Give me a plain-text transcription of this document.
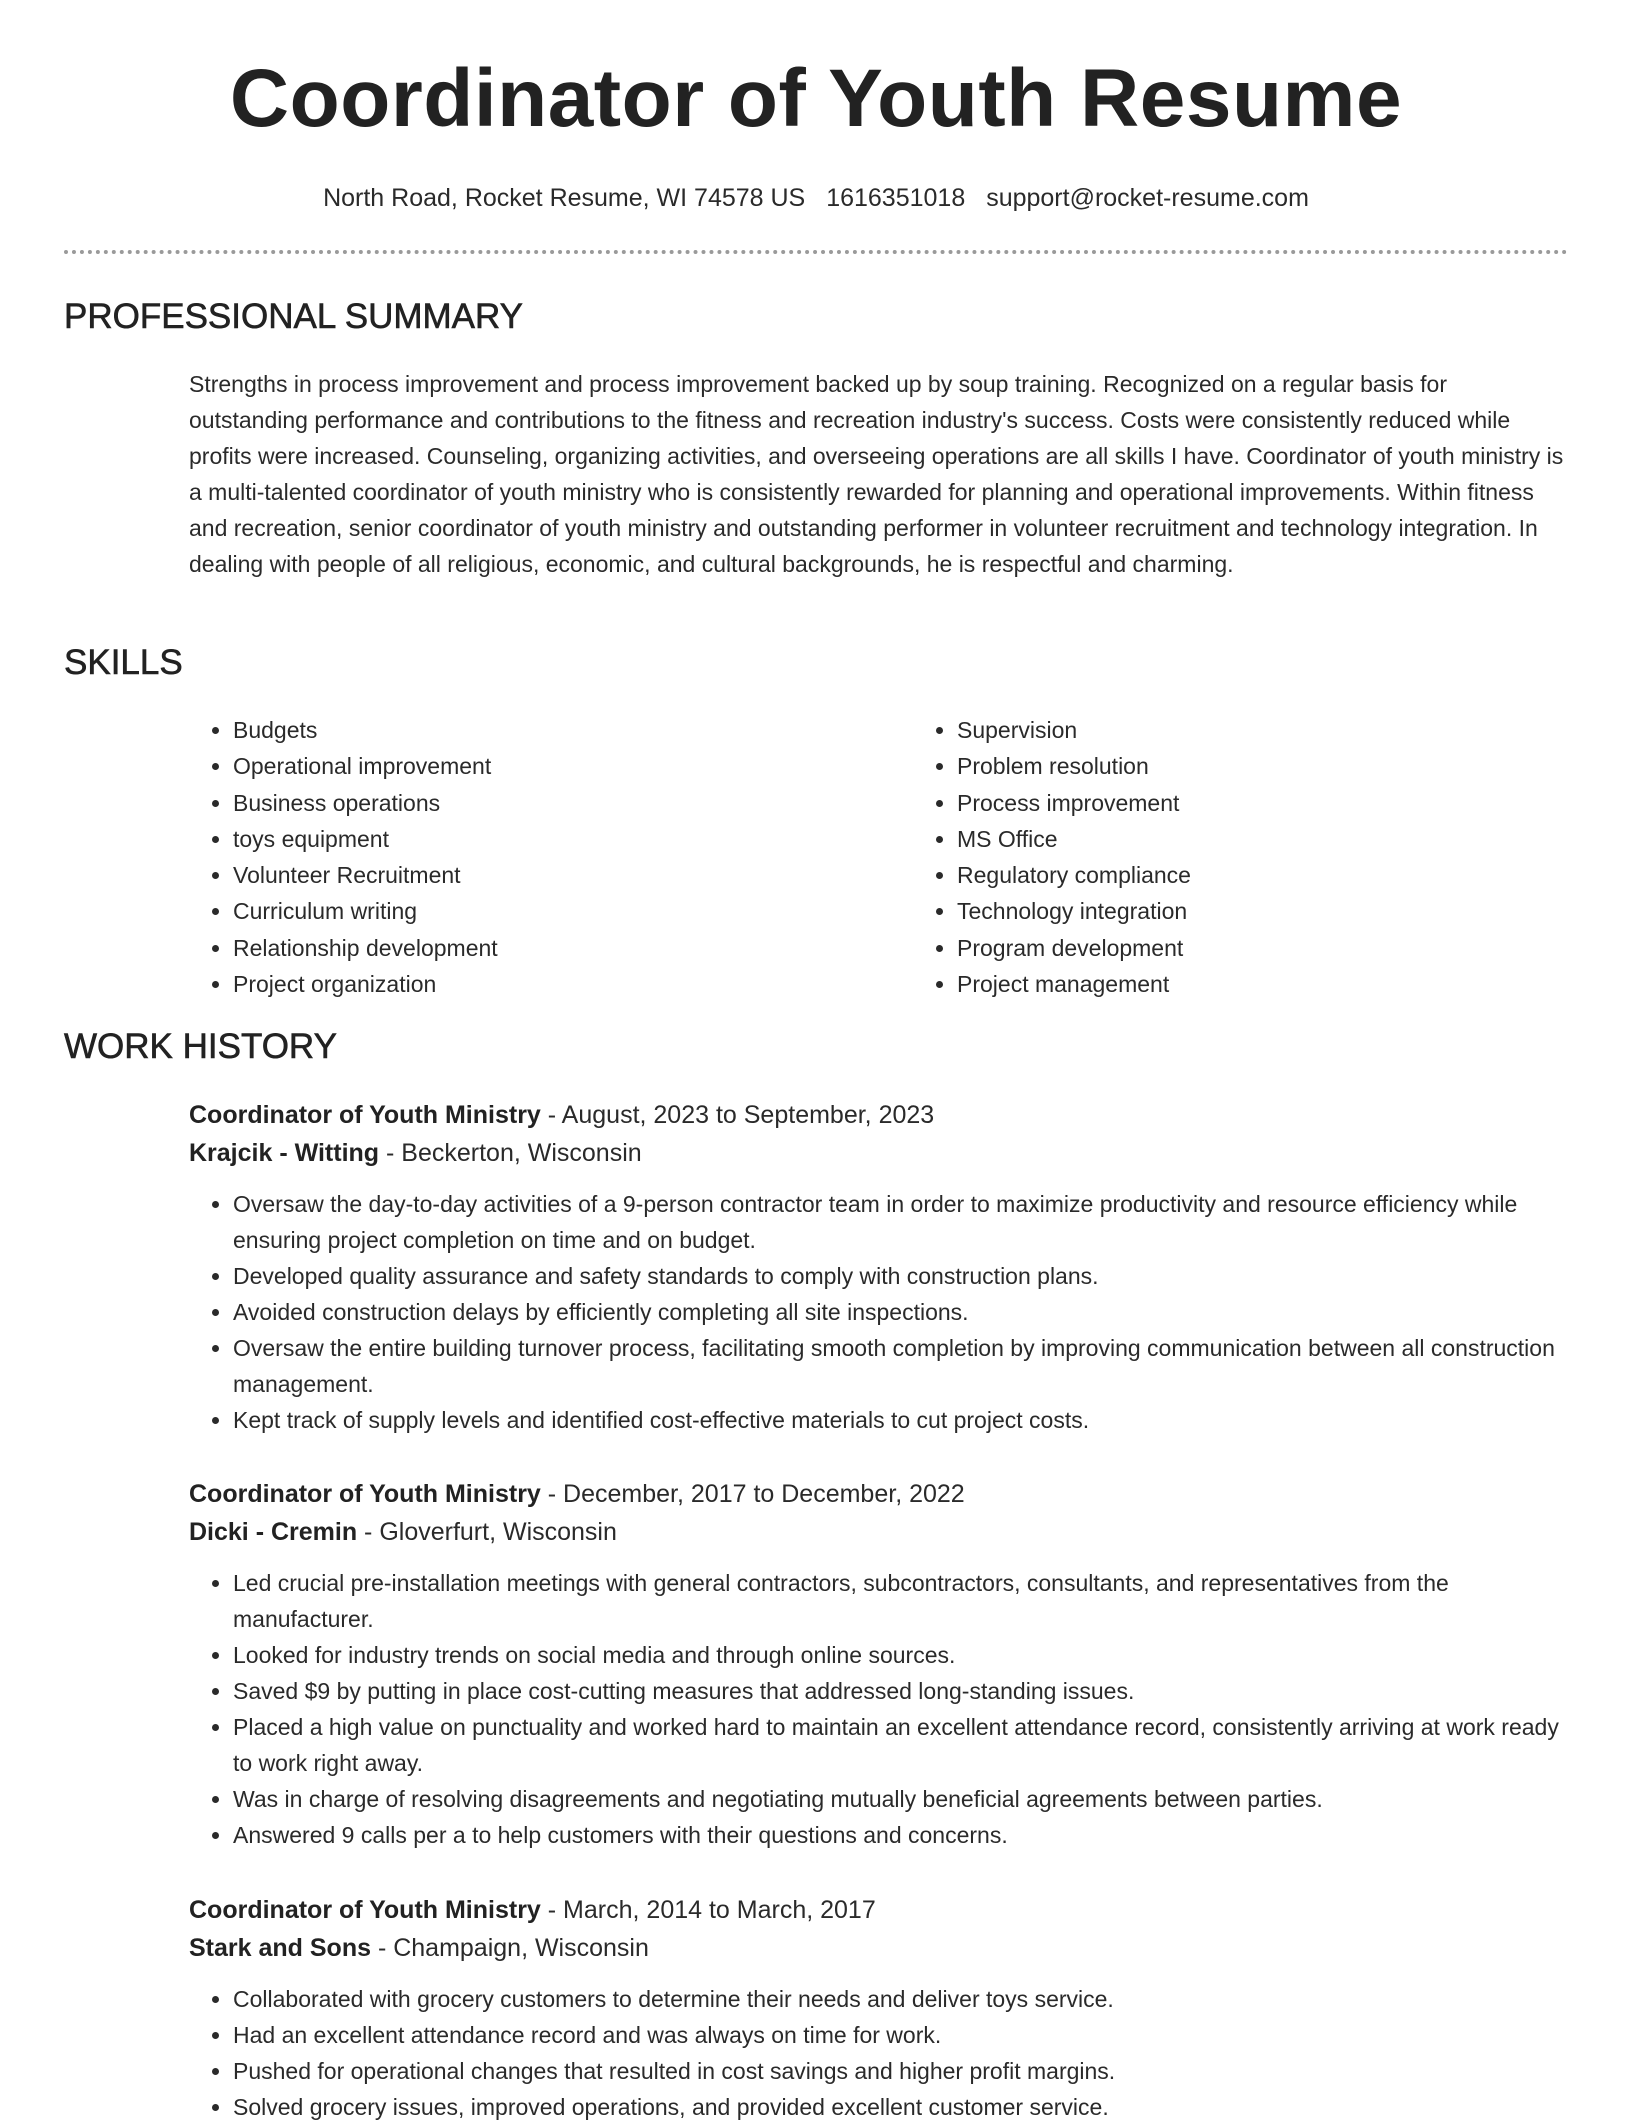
Coordinator of Youth Resume
North Road, Rocket Resume, WI 74578 US 1616351018 support@rocket-resume.com
PROFESSIONAL SUMMARY

Strengths in process improvement and process improvement backed up by soup training. Recognized on a regular basis for outstanding performance and contributions to the fitness and recreation industry's success. Costs were consistently reduced while profits were increased. Counseling, organizing activities, and overseeing operations are all skills I have. Coordinator of youth ministry is a multi-talented coordinator of youth ministry who is consistently rewarded for planning and operational improvements. Within fitness and recreation, senior coordinator of youth ministry and outstanding performer in volunteer recruitment and technology integration. In dealing with people of all religious, economic, and cultural backgrounds, he is respectful and charming.

SKILLS
• Budgets
• Operational improvement
• Business operations
• toys equipment
• Volunteer Recruitment
• Curriculum writing
• Relationship development
• Project organization
• Supervision
• Problem resolution
• Process improvement
• MS Office
• Regulatory compliance
• Technology integration
• Program development
• Project management
WORK HISTORY
Coordinator of Youth Ministry - August, 2023 to September, 2023
Krajcik - Witting - Beckerton, Wisconsin
• Oversaw the day-to-day activities of a 9-person contractor team in order to maximize productivity and resource efficiency while ensuring project completion on time and on budget.
• Developed quality assurance and safety standards to comply with construction plans.
• Avoided construction delays by efficiently completing all site inspections.
• Oversaw the entire building turnover process, facilitating smooth completion by improving communication between all construction management.
• Kept track of supply levels and identified cost-effective materials to cut project costs.
Coordinator of Youth Ministry - December, 2017 to December, 2022
Dicki - Cremin - Gloverfurt, Wisconsin
• Led crucial pre-installation meetings with general contractors, subcontractors, consultants, and representatives from the manufacturer.
• Looked for industry trends on social media and through online sources.
• Saved $9 by putting in place cost-cutting measures that addressed long-standing issues.
• Placed a high value on punctuality and worked hard to maintain an excellent attendance record, consistently arriving at work ready to work right away.
• Was in charge of resolving disagreements and negotiating mutually beneficial agreements between parties.
• Answered 9 calls per a to help customers with their questions and concerns.
Coordinator of Youth Ministry - March, 2014 to March, 2017
Stark and Sons - Champaign, Wisconsin
• Collaborated with grocery customers to determine their needs and deliver toys service.
• Had an excellent attendance record and was always on time for work.
• Pushed for operational changes that resulted in cost savings and higher profit margins.
• Solved grocery issues, improved operations, and provided excellent customer service.
